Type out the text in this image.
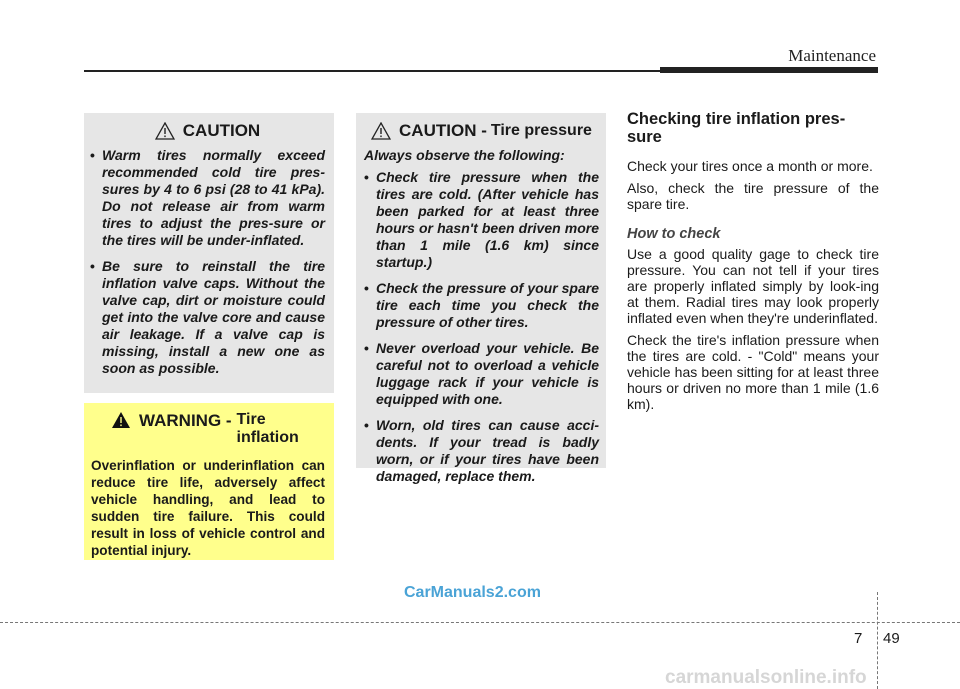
Maintenance
CAUTION
• Warm tires normally exceed recommended cold tire pres-sures by 4 to 6 psi (28 to 41 kPa). Do not release air from warm tires to adjust the pres-sure or the tires will be under-inflated.
• Be sure to reinstall the tire inflation valve caps. Without the valve cap, dirt or moisture could get into the valve core and cause air leakage. If a valve cap is missing, install a new one as soon as possible.
WARNING - Tire inflation
Overinflation or underinflation can reduce tire life, adversely affect vehicle handling, and lead to sudden tire failure. This could result in loss of vehicle control and potential injury.
CAUTION - Tire pressure
Always observe the following:
• Check tire pressure when the tires are cold. (After vehicle has been parked for at least three hours or hasn't been driven more than 1 mile (1.6 km) since startup.)
• Check the pressure of your spare tire each time you check the pressure of other tires.
• Never overload your vehicle. Be careful not to overload a vehicle luggage rack if your vehicle is equipped with one.
• Worn, old tires can cause acci-dents. If your tread is badly worn, or if your tires have been damaged, replace them.
Checking tire inflation pres-sure

Check your tires once a month or more.

Also, check the tire pressure of the spare tire.

How to check

Use a good quality gage to check tire pressure. You can not tell if your tires are properly inflated simply by look-ing at them. Radial tires may look properly inflated even when they're underinflated.

Check the tire's inflation pressure when the tires are cold. - "Cold" means your vehicle has been sitting for at least three hours or driven no more than 1 mile (1.6 km).

CarManuals2.com
7 49
carmanualsonline.info
